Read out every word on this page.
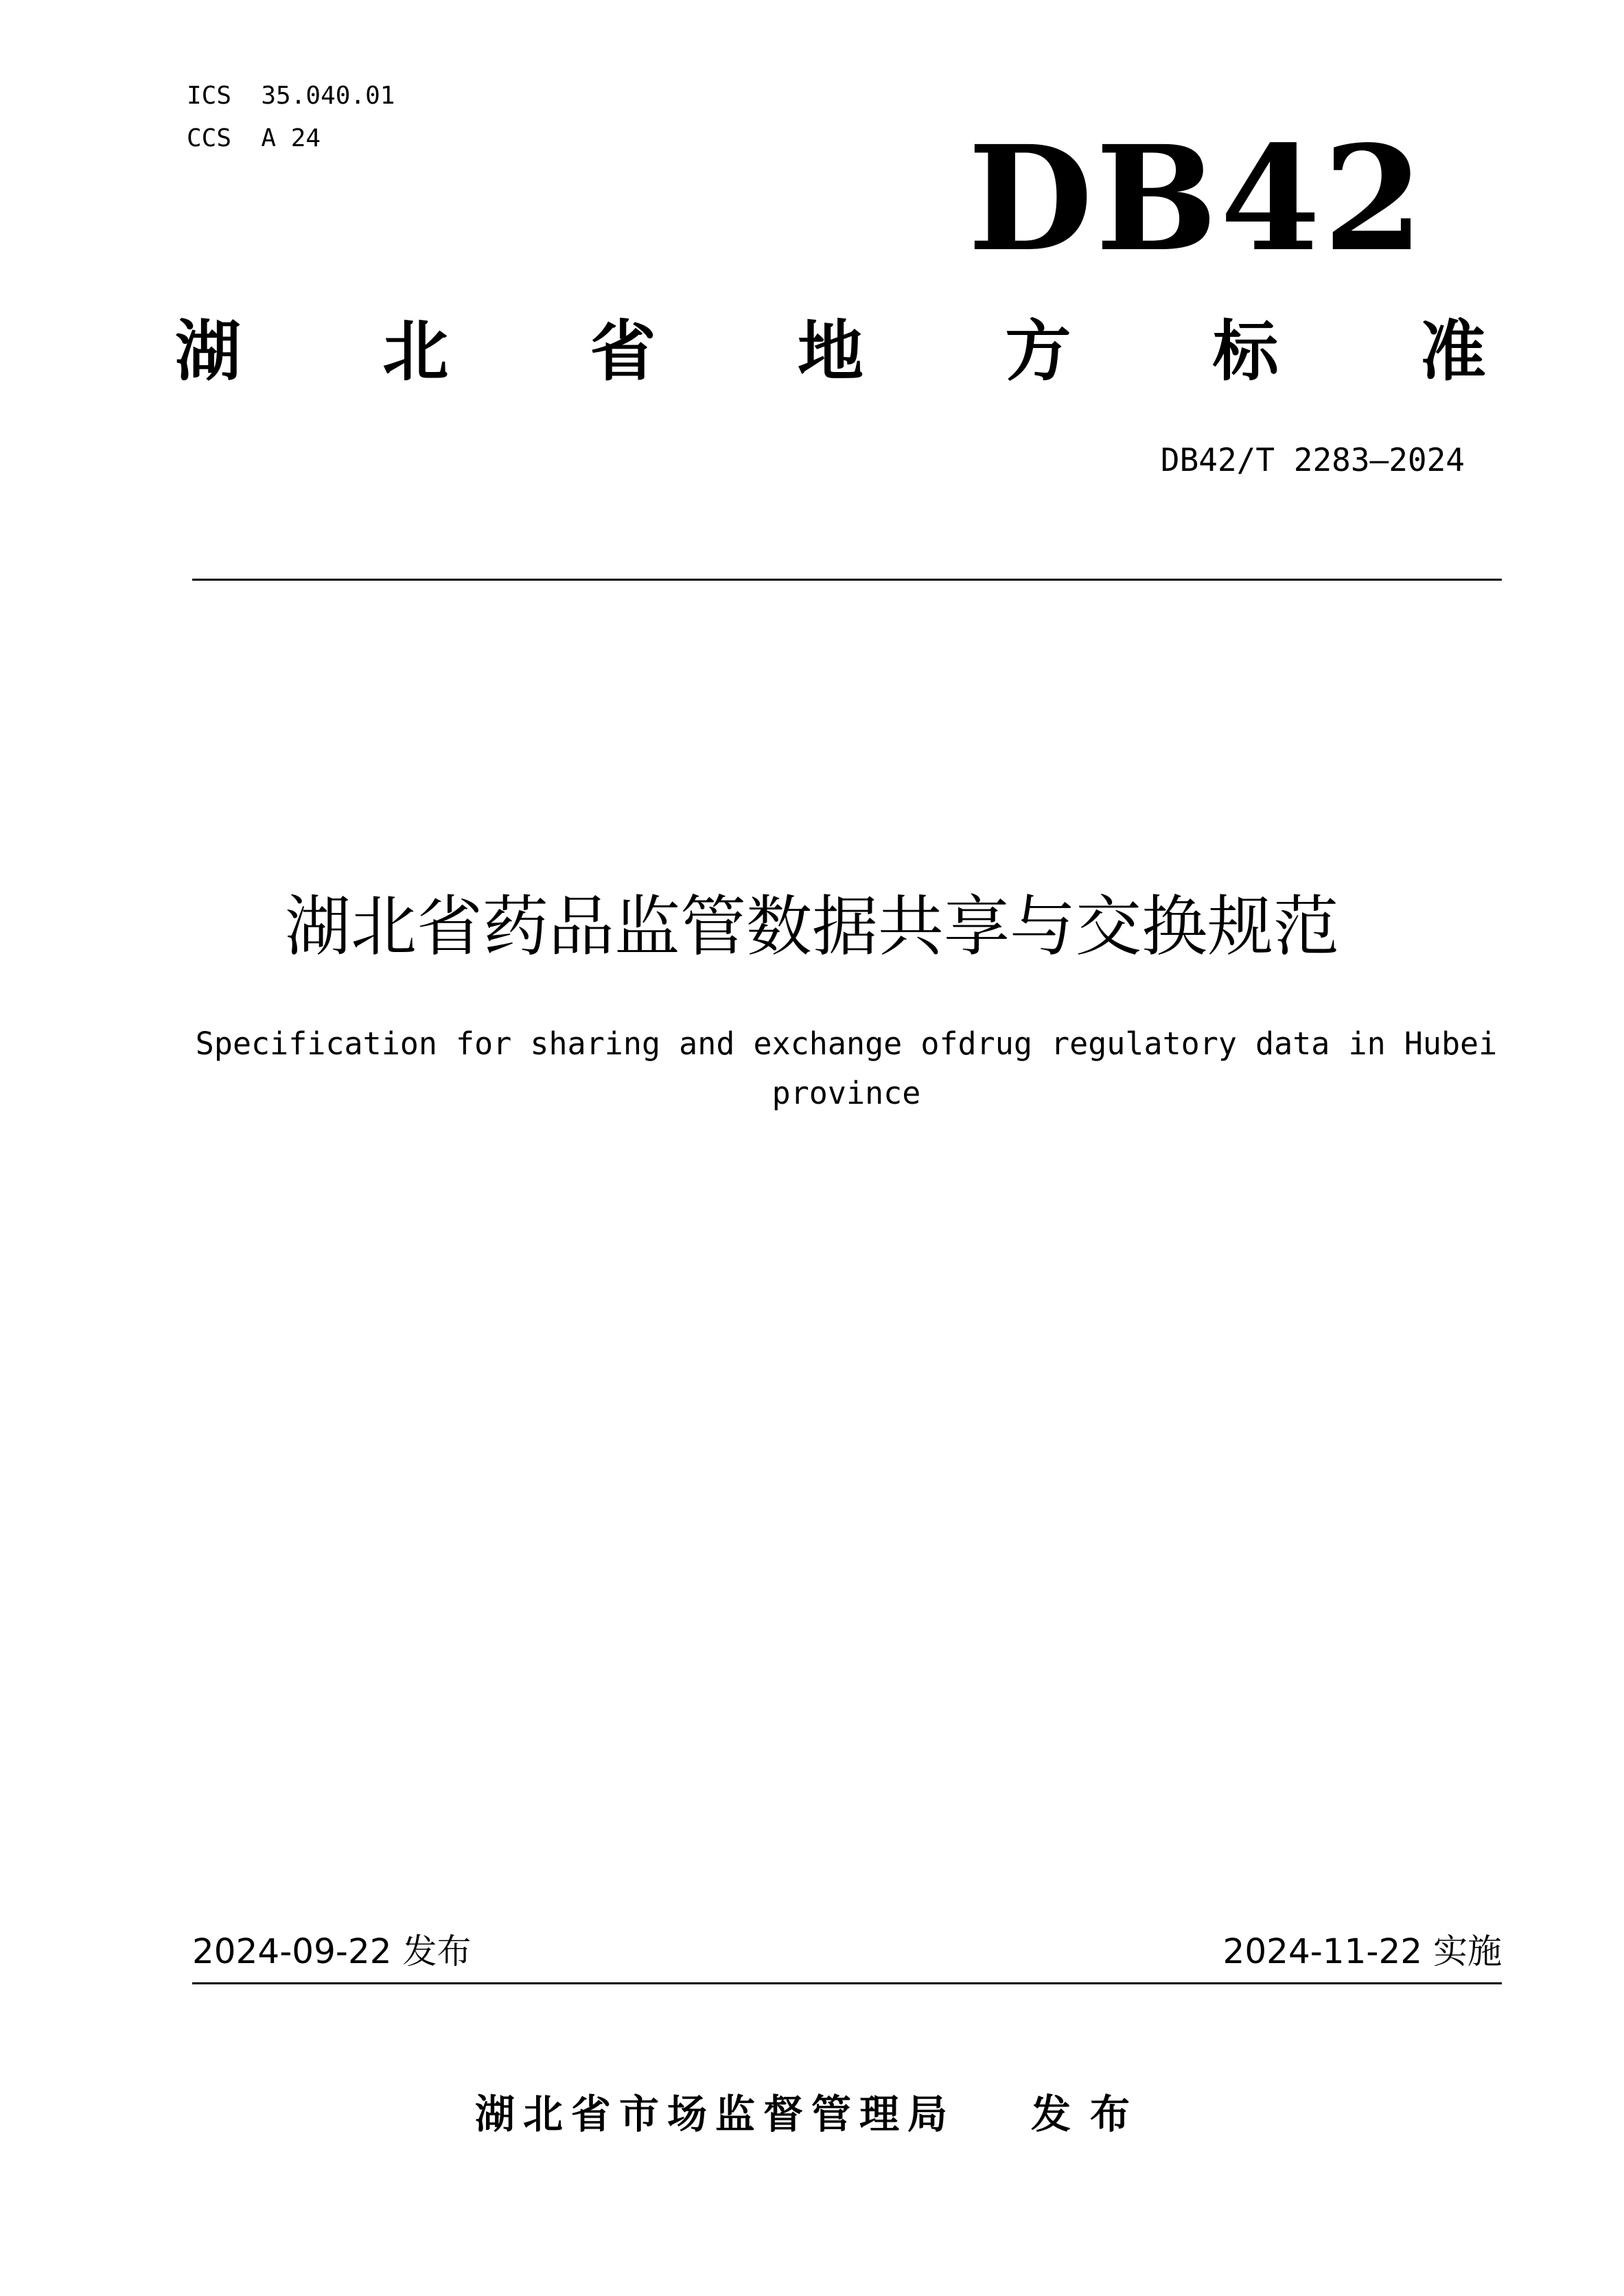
ICS  35.040.01
CCS  A 24	DB42
湖 北 省 地 方 标 准
DB42/T 2283—2024
湖北省药品监管数据共享与交换规范
Specification for sharing and exchange ofdrug regulatory data in Hubei province
2024-09-22 发布	2024-11-22 实施
湖北省市场监督管理局 发布
